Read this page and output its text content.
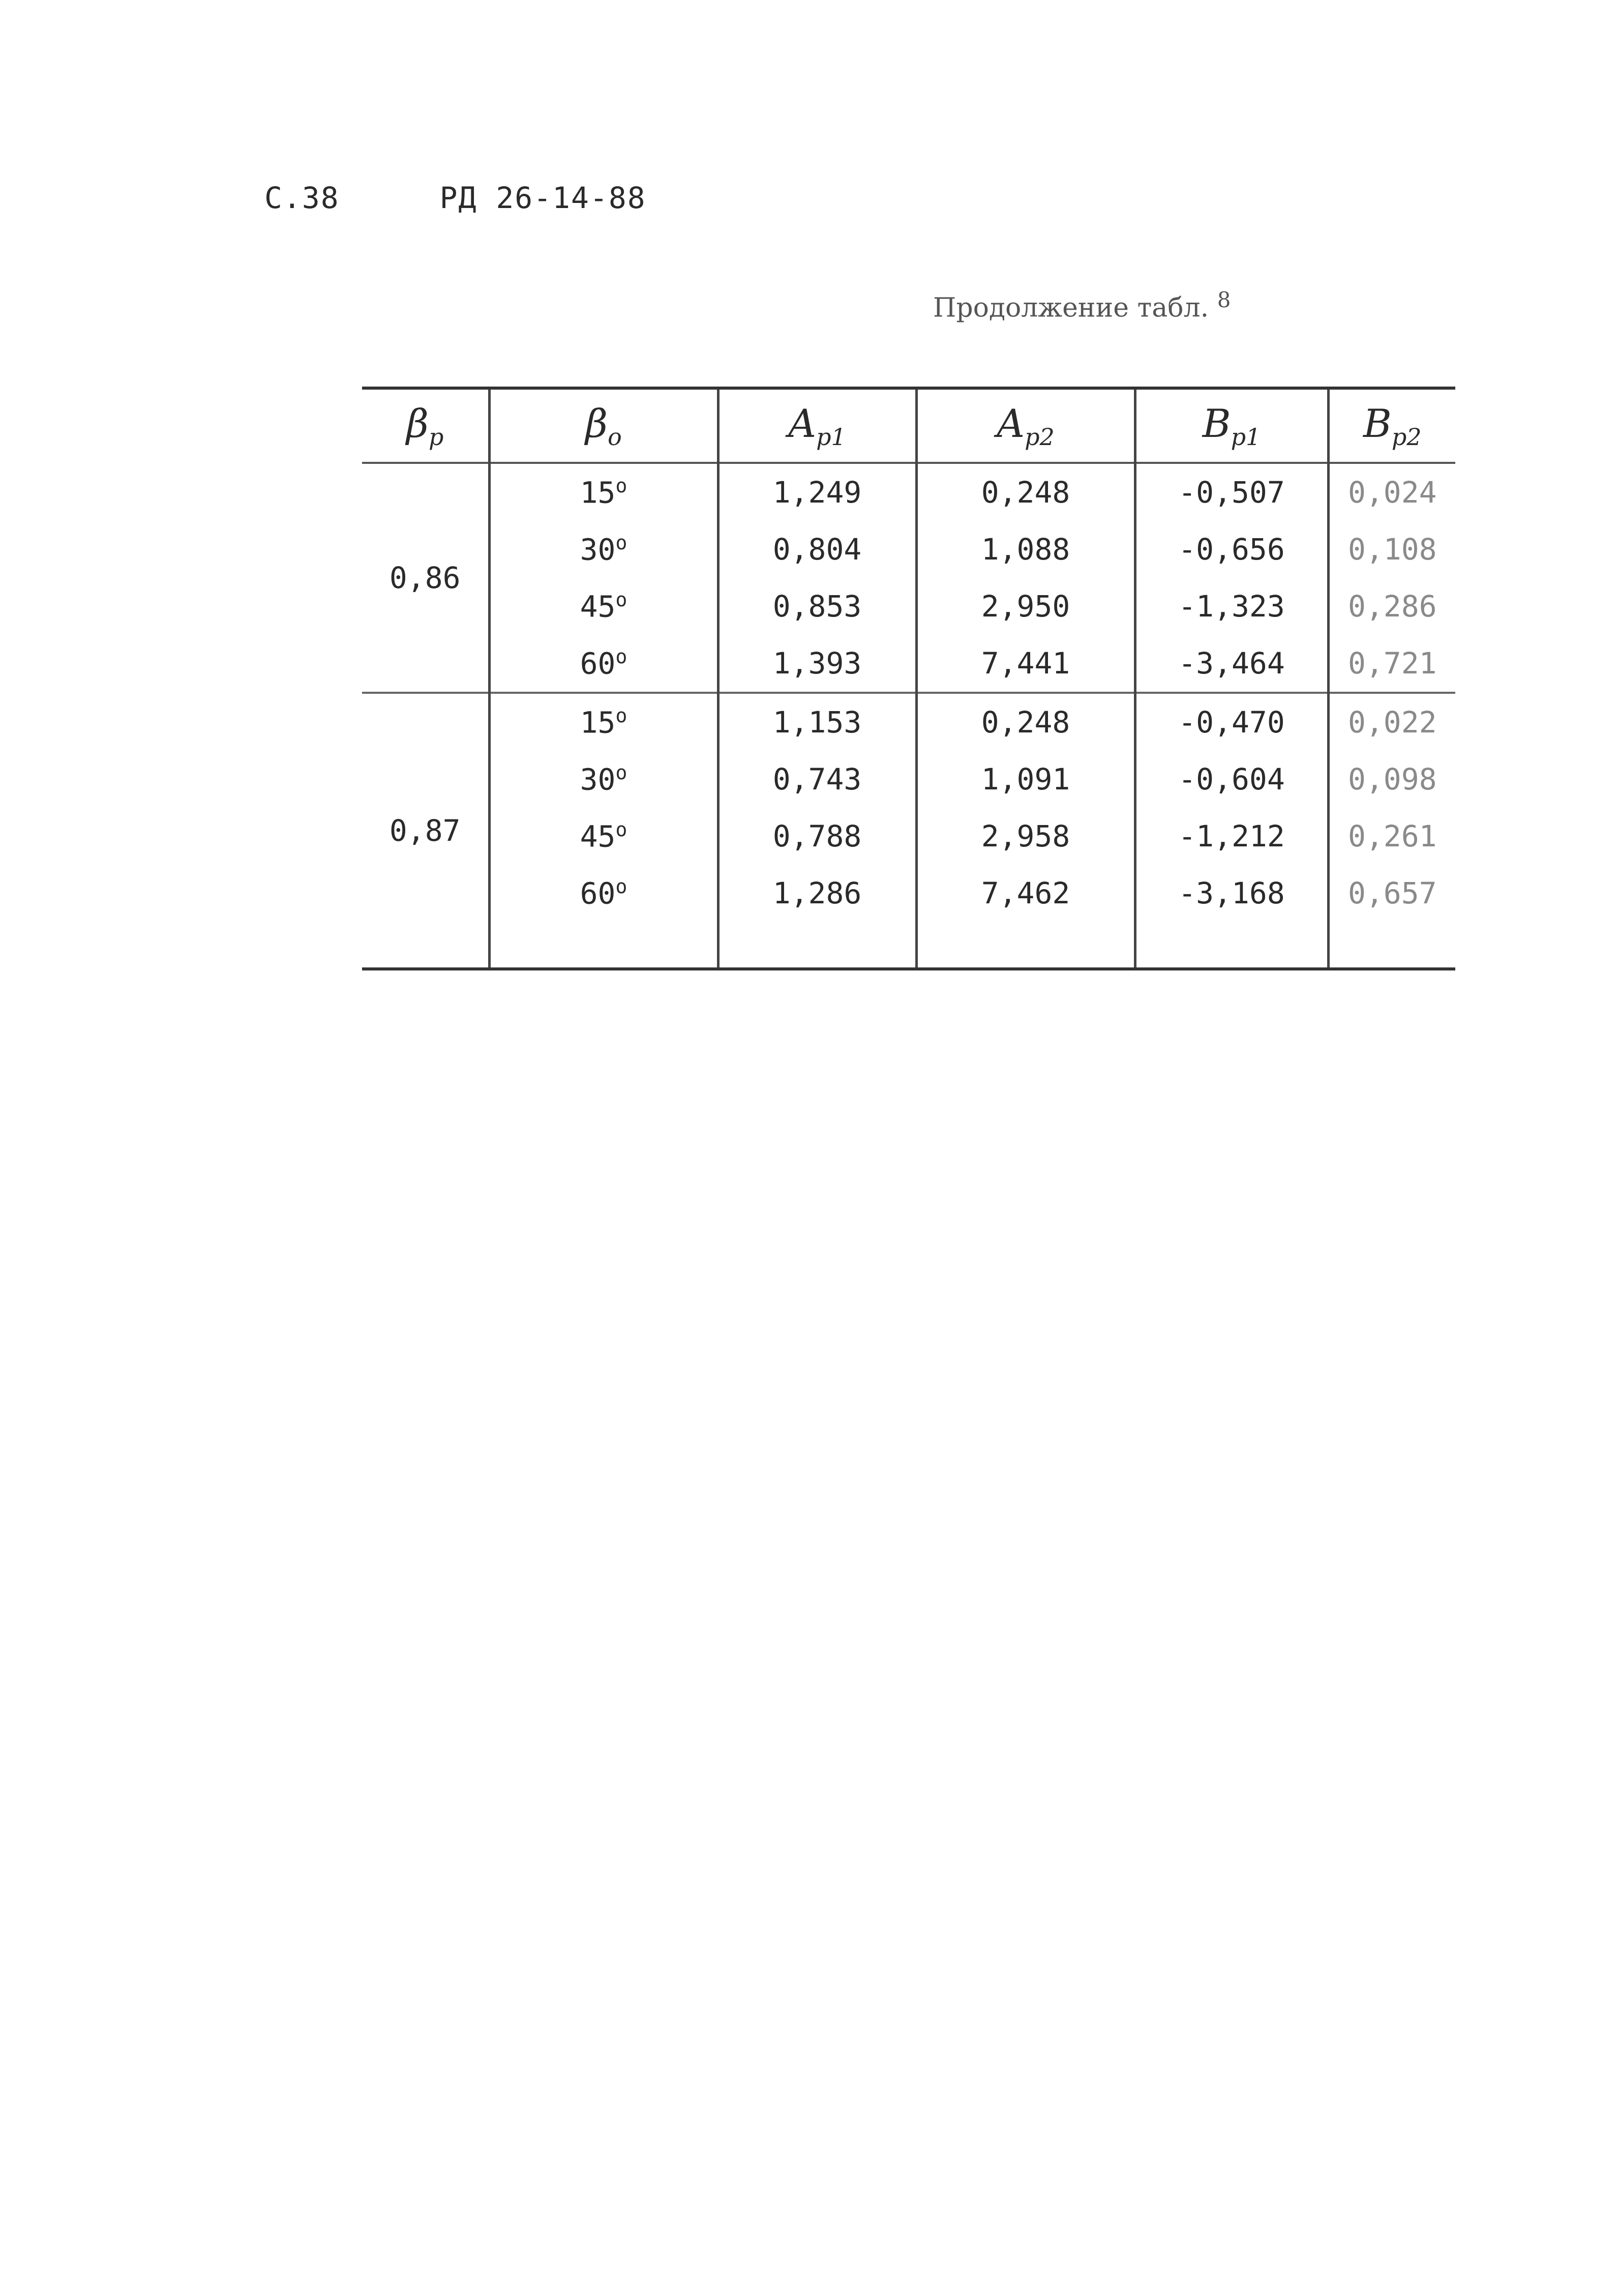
C.38	РД 26-14-88
Продолжение табл. $^8$
$\beta_р$	$\beta_о$	$A_{р1}$	$A_{р2}$	$B_{р1}$	$B_{р2}$
0,86	15$^o$	1,249	0,248	-0,507	0,024
	30$^o$	0,804	1,088	-0,656	0,108
	45$^o$	0,853	2,950	-1,323	0,286
	60$^o$	1,393	7,441	-3,464	0,721
0,87	15$^o$	1,153	0,248	-0,470	0,022
	30$^o$	0,743	1,091	-0,604	0,098
	45$^o$	0,788	2,958	-1,212	0,261
	60$^o$	1,286	7,462	-3,168	0,657
